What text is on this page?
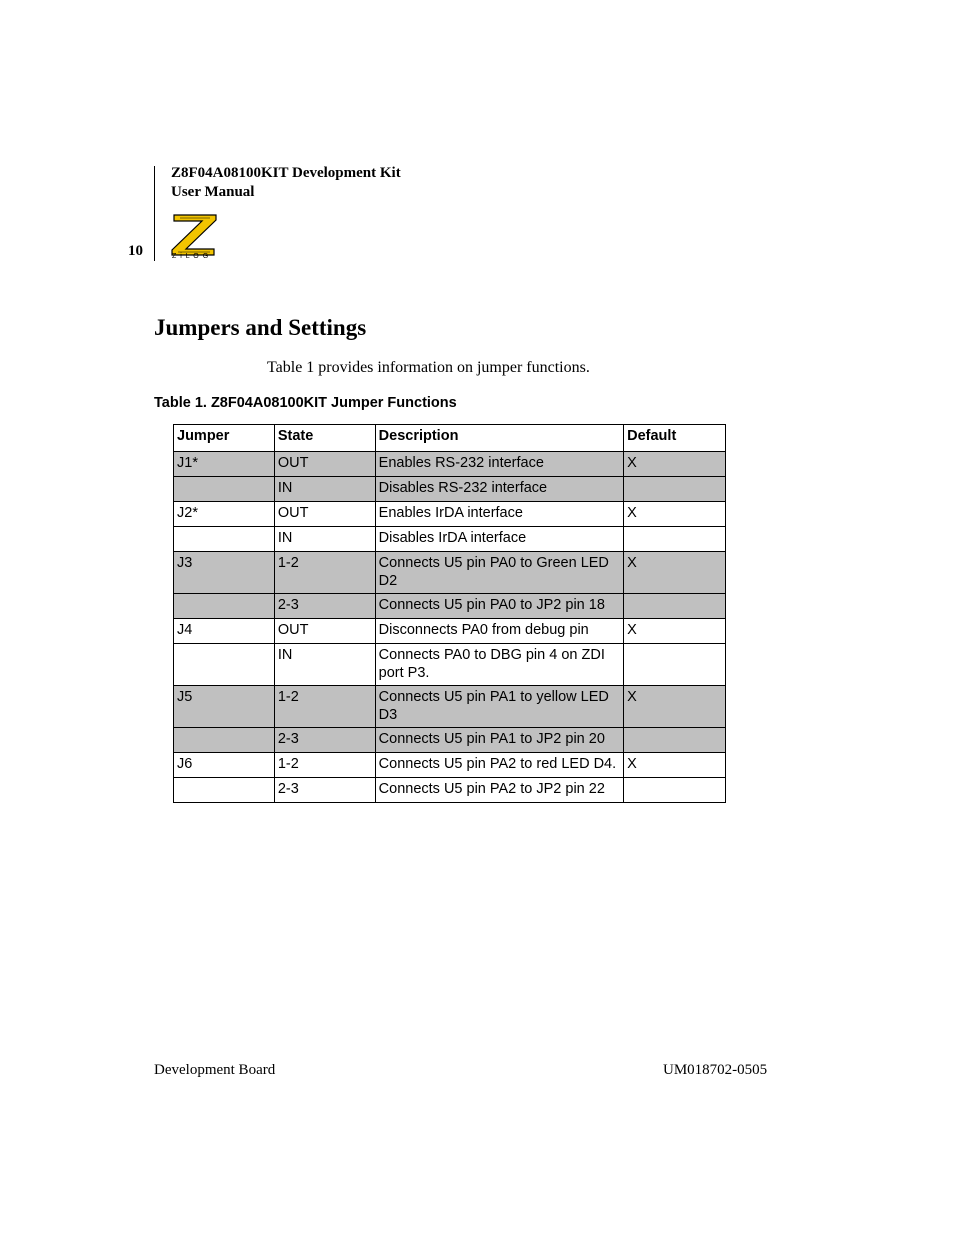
Z8F04A08100KIT Development Kit
User Manual
10	Z i L O G
Jumpers and Settings

Table 1 provides information on jumper functions.

Table 1. Z8F04A08100KIT Jumper Functions

Jumper	State	Description	Default
J1*	OUT	Enables RS-232 interface	X
	IN	Disables RS-232 interface	
J2*	OUT	Enables IrDA interface	X
	IN	Disables IrDA interface	
J3	1-2	Connects U5 pin PA0 to Green LED D2	X
	2-3	Connects U5 pin PA0 to JP2 pin 18	
J4	OUT	Disconnects PA0 from debug pin	X
	IN	Connects PA0 to DBG pin 4 on ZDI port P3.	
J5	1-2	Connects U5 pin PA1 to yellow LED D3	X
	2-3	Connects U5 pin PA1 to JP2 pin 20	
J6	1-2	Connects U5 pin PA2 to red LED D4.	X
	2-3	Connects U5 pin PA2 to JP2 pin 22	
Development Board	UM018702-0505
